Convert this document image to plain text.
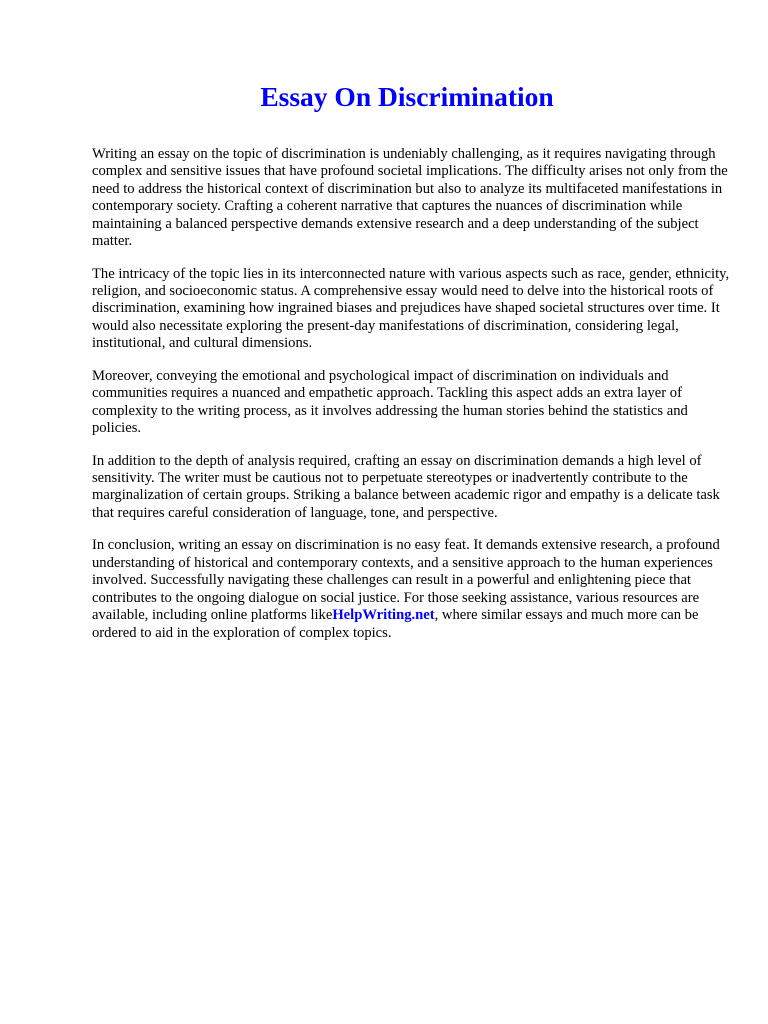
Essay On Discrimination

Writing an essay on the topic of discrimination is undeniably challenging, as it requires navigating through complex and sensitive issues that have profound societal implications. The difficulty arises not only from the need to address the historical context of discrimination but also to analyze its multifaceted manifestations in contemporary society. Crafting a coherent narrative that captures the nuances of discrimination while maintaining a balanced perspective demands extensive research and a deep understanding of the subject matter.

The intricacy of the topic lies in its interconnected nature with various aspects such as race, gender, ethnicity, religion, and socioeconomic status. A comprehensive essay would need to delve into the historical roots of discrimination, examining how ingrained biases and prejudices have shaped societal structures over time. It would also necessitate exploring the present-day manifestations of discrimination, considering legal, institutional, and cultural dimensions.

Moreover, conveying the emotional and psychological impact of discrimination on individuals and communities requires a nuanced and empathetic approach. Tackling this aspect adds an extra layer of complexity to the writing process, as it involves addressing the human stories behind the statistics and policies.

In addition to the depth of analysis required, crafting an essay on discrimination demands a high level of sensitivity. The writer must be cautious not to perpetuate stereotypes or inadvertently contribute to the marginalization of certain groups. Striking a balance between academic rigor and empathy is a delicate task that requires careful consideration of language, tone, and perspective.

In conclusion, writing an essay on discrimination is no easy feat. It demands extensive research, a profound understanding of historical and contemporary contexts, and a sensitive approach to the human experiences involved. Successfully navigating these challenges can result in a powerful and enlightening piece that contributes to the ongoing dialogue on social justice. For those seeking assistance, various resources are available, including online platforms likeHelpWriting.net, where similar essays and much more can be ordered to aid in the exploration of complex topics.
